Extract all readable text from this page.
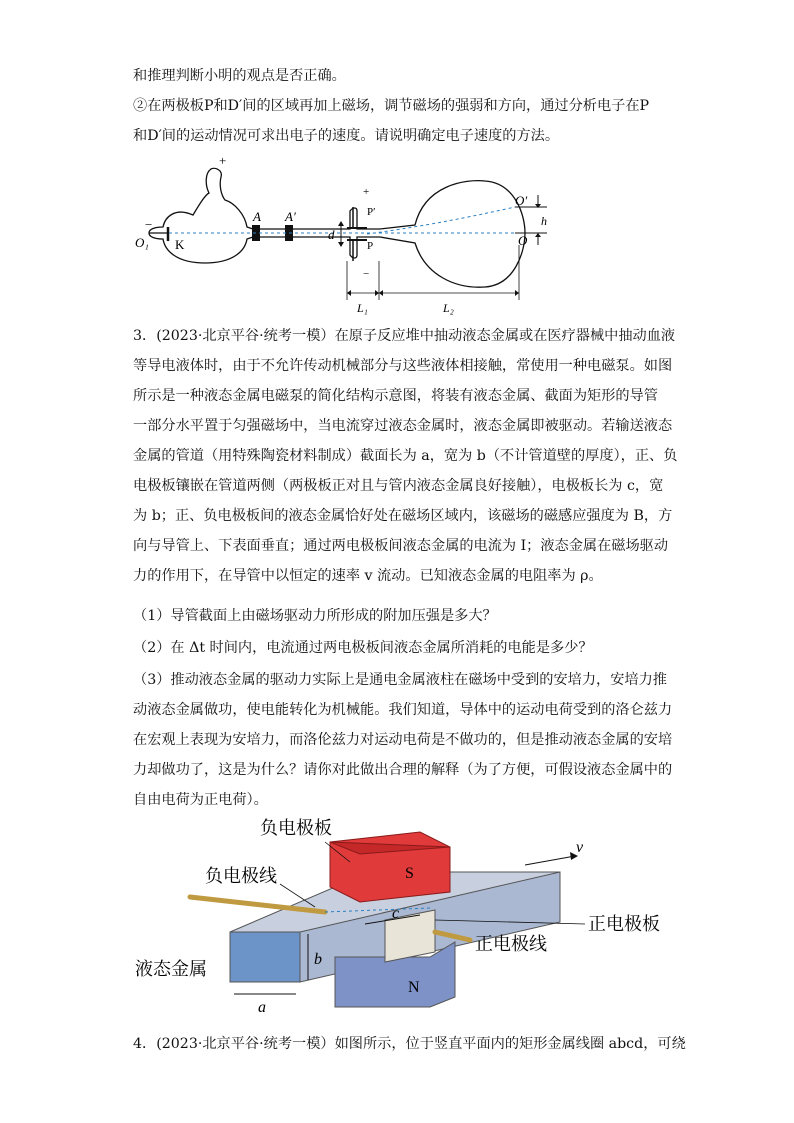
和推理判断小明的观点是否正确。
②在两极板P和D′间的区域再加上磁场，调节磁场的强弱和方向，通过分析电子在P
和D′间的运动情况可求出电子的速度。请说明确定电子速度的方法。
3．(2023·北京平谷·统考一模）在原子反应堆中抽动液态金属或在医疗器械中抽动血液
等导电液体时，由于不允许传动机械部分与这些液体相接触，常使用一种电磁泵。如图
所示是一种液态金属电磁泵的简化结构示意图，将装有液态金属、截面为矩形的导管
一部分水平置于匀强磁场中，当电流穿过液态金属时，液态金属即被驱动。若输送液态
金属的管道（用特殊陶瓷材料制成）截面长为 a，宽为 b（不计管道壁的厚度），正、负
电极板镶嵌在管道两侧（两极板正对且与管内液态金属良好接触），电极板长为 c，宽
为 b；正、负电极板间的液态金属恰好处在磁场区域内，该磁场的磁感应强度为 B，方
向与导管上、下表面垂直；通过两电极板间液态金属的电流为 I；液态金属在磁场驱动
力的作用下，在导管中以恒定的速率 v 流动。已知液态金属的电阻率为 ρ。
（1）导管截面上由磁场驱动力所形成的附加压强是多大？
（2）在 Δt 时间内，电流通过两电极板间液态金属所消耗的电能是多少？
（3）推动液态金属的驱动力实际上是通电金属液柱在磁场中受到的安培力，安培力推
动液态金属做功，使电能转化为机械能。我们知道，导体中的运动电荷受到的洛仑兹力
在宏观上表现为安培力，而洛伦兹力对运动电荷是不做功的，但是推动液态金属的安培
力却做功了，这是为什么？请你对此做出合理的解释（为了方便，可假设液态金属中的
自由电荷为正电荷）。
4．(2023·北京平谷·统考一模）如图所示，位于竖直平面内的矩形金属线圈 abcd，可绕
+
−
O₁ K
A A′
+
−
P′
P
d
O′
O
h
L₁	L₂
负电极板
负电极线	S
N
正电极板
正电极线
液态金属
a
b
c
v
